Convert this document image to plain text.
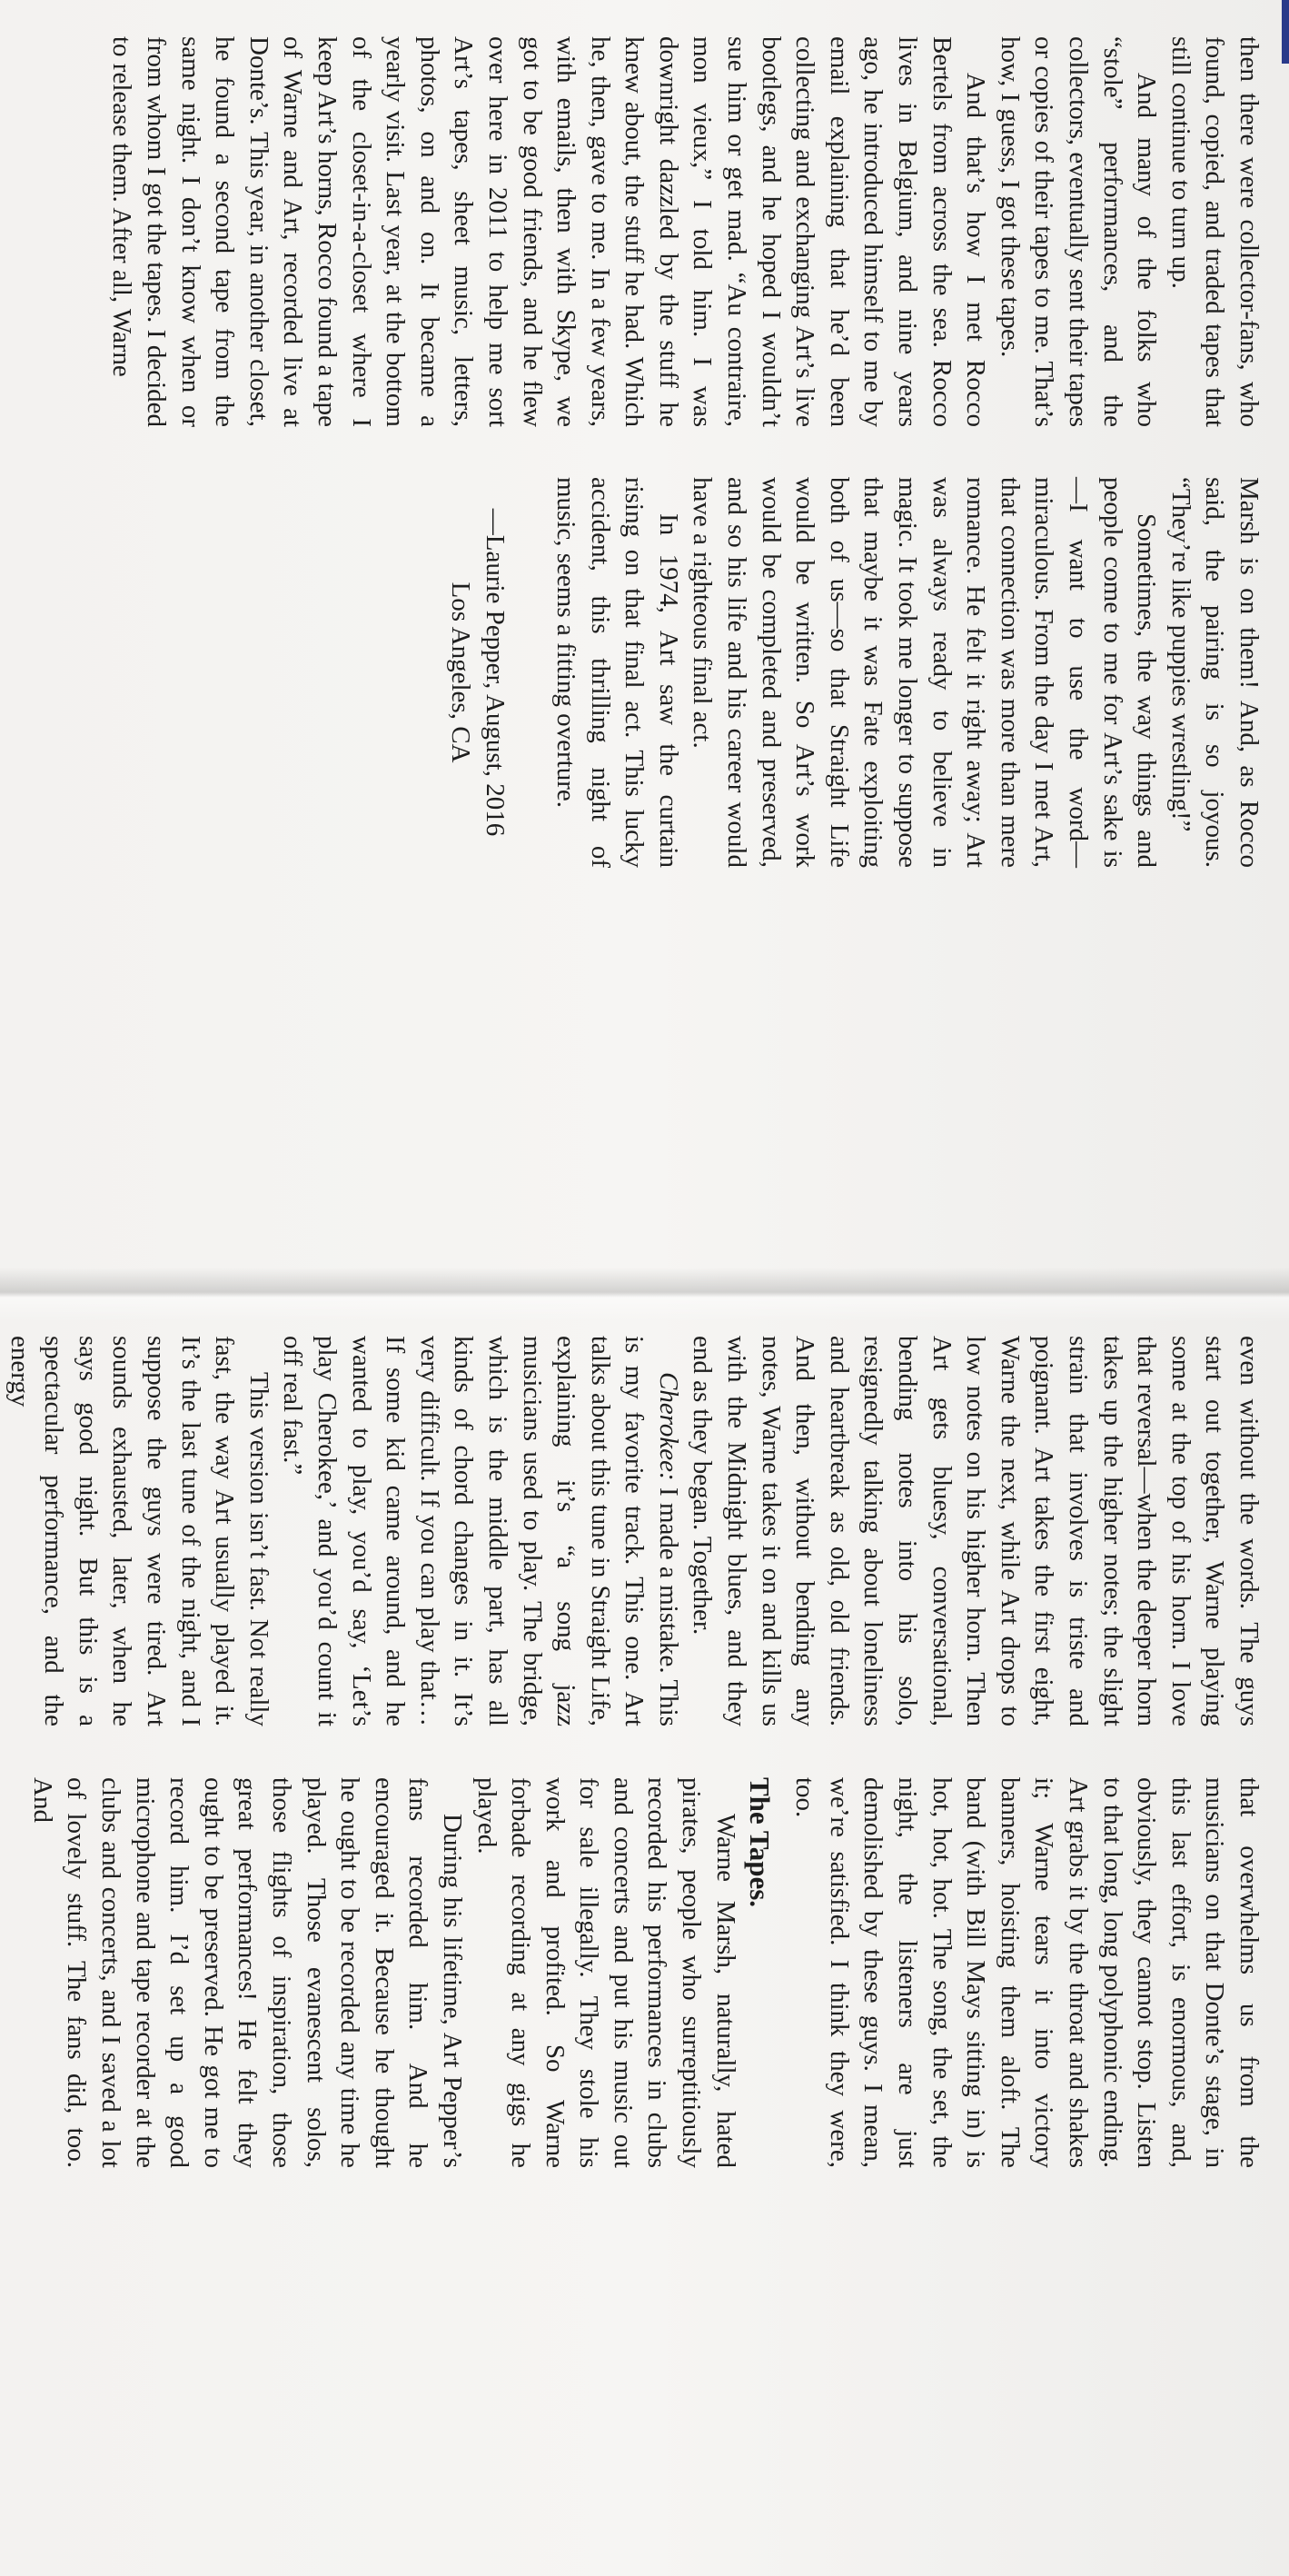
even without the words. The guys start out together, Warne playing some at the top of his horn. I love that reversal—when the deeper horn takes up the higher notes; the slight strain that involves is triste and poignant. Art takes the first eight, Warne the next, while Art drops to low notes on his higher horn. Then Art gets bluesy, conversational, bending notes into his solo, resignedly talking about loneliness and heartbreak as old, old friends. And then, without bending any notes, Warne takes it on and kills us with the Midnight blues, and they end as they began. Together.

Cherokee: I made a mistake. This is my favorite track. This one. Art talks about this tune in Straight Life, explaining it’s “a song jazz musicians used to play. The bridge, which is the middle part, has all kinds of chord changes in it. It’s very difficult. If you can play that… If some kid came around, and he wanted to play, you’d say, ‘Let’s play Cherokee,’ and you’d count it off real fast.”

This version isn’t fast. Not really fast, the way Art usually played it. It’s the last tune of the night, and I suppose the guys were tired. Art sounds exhausted, later, when he says good night. But this is a spectacular performance, and the energy

that overwhelms us from the musicians on that Donte’s stage, in this last effort, is enormous, and, obviously, they cannot stop. Listen to that long, long polyphonic ending. Art grabs it by the throat and shakes it; Warne tears it into victory banners, hoisting them aloft. The band (with Bill Mays sitting in) is hot, hot, hot. The song, the set, the night, the listeners are just demolished by these guys. I mean, we’re satisfied. I think they were, too.

The Tapes.

Warne Marsh, naturally, hated pirates, people who surreptitiously recorded his performances in clubs and concerts and put his music out for sale illegally. They stole his work and profited. So Warne forbade recording at any gigs he played.

During his lifetime, Art Pepper’s fans recorded him. And he encouraged it. Because he thought he ought to be recorded any time he played. Those evanescent solos, those flights of inspiration, those great performances! He felt they ought to be preserved. He got me to record him. I’d set up a good microphone and tape recorder at the clubs and concerts, and I saved a lot of lovely stuff. The fans did, too. And

then there were collector-fans, who found, copied, and traded tapes that still continue to turn up.

And many of the folks who “stole” performances, and the collectors, eventually sent their tapes or copies of their tapes to me. That’s how, I guess, I got these tapes.

And that’s how I met Rocco Bertels from across the sea. Rocco lives in Belgium, and nine years ago, he introduced himself to me by email explaining that he’d been collecting and exchanging Art’s live bootlegs, and he hoped I wouldn’t sue him or get mad. “Au contraire, mon vieux,” I told him. I was downright dazzled by the stuff he knew about, the stuff he had. Which he, then, gave to me. In a few years, with emails, then with Skype, we got to be good friends, and he flew over here in 2011 to help me sort Art’s tapes, sheet music, letters, photos, on and on. It became a yearly visit. Last year, at the bottom of the closet-in-a-closet where I keep Art’s horns, Rocco found a tape of Warne and Art, recorded live at Donte’s. This year, in another closet, he found a second tape from the same night. I don’t know when or from whom I got the tapes. I decided to release them. After all, Warne

Marsh is on them! And, as Rocco said, the pairing is so joyous. “They’re like puppies wrestling!”

Sometimes, the way things and people come to me for Art’s sake is—I want to use the word—miraculous. From the day I met Art, that connection was more than mere romance. He felt it right away; Art was always ready to believe in magic. It took me longer to suppose that maybe it was Fate exploiting both of us—so that Straight Life would be written. So Art’s work would be completed and preserved, and so his life and his career would have a righteous final act.

In 1974, Art saw the curtain rising on that final act. This lucky accident, this thrilling night of music, seems a fitting overture.

—Laurie Pepper, August, 2016
Los Angeles, CA
